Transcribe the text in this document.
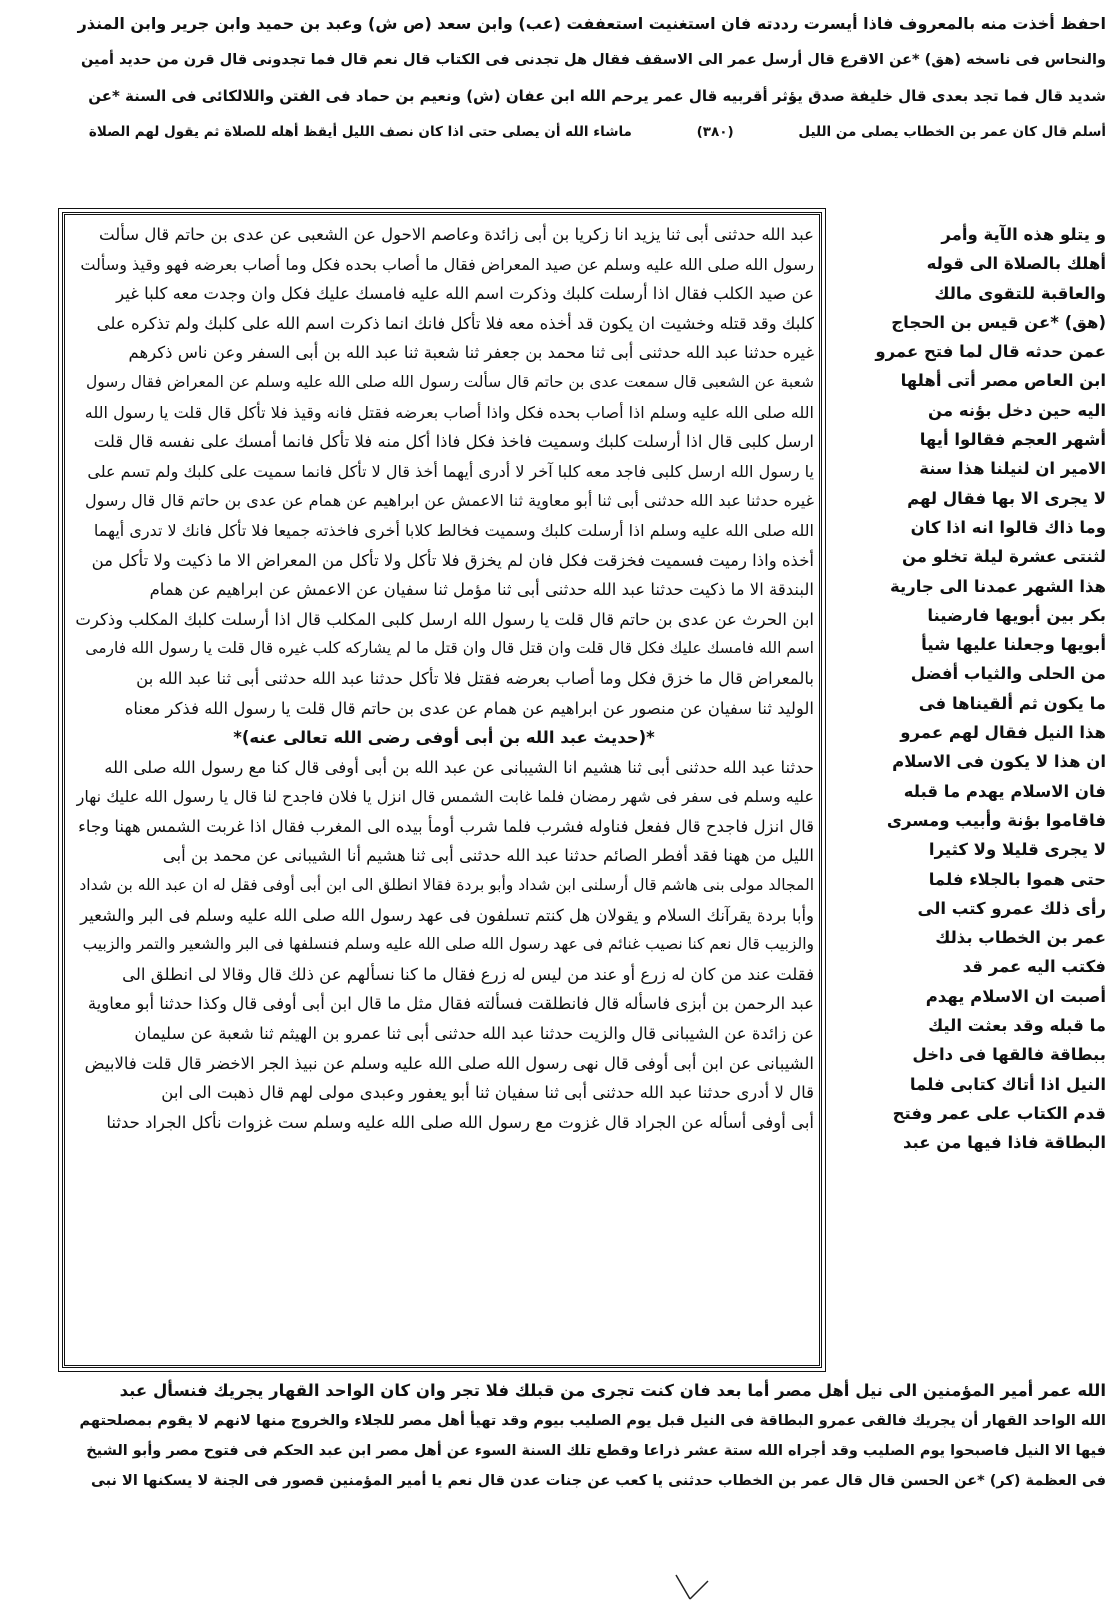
احفظ أخذت منه بالمعروف فاذا أيسرت رددته فان استغنيت استعففت (عب) وابن سعد (ص ش) وعبد بن حميد وابن جرير وابن المنذر
والنحاس فى ناسخه (هق) *عن الاقرع قال أرسل عمر الى الاسقف فقال هل تجدنى فى الكتاب قال نعم قال فما تجدونى قال قرن من حديد أمين
شديد قال فما تجد بعدى قال خليفة صدق يؤثر أقربيه قال عمر يرحم الله ابن عفان (ش) ونعيم بن حماد فى الفتن واللالكائى فى السنة *عن
أسلم قال كان عمر بن الخطاب يصلى من الليل (٣٨٠) ماشاء الله أن يصلى حتى اذا كان نصف الليل أيقظ أهله للصلاة ثم يقول لهم الصلاة
عبد الله حدثنى أبى ثنا يزيد انا زكريا بن أبى زائدة وعاصم الاحول عن الشعبى عن عدى بن حاتم قال سألت
رسول الله صلى الله عليه وسلم عن صيد المعراض فقال ما أصاب بحده فكل وما أصاب بعرضه فهو وقيذ وسألت
عن صيد الكلب فقال اذا أرسلت كلبك وذكرت اسم الله عليه فامسك عليك فكل وان وجدت معه كلبا غير
كلبك وقد قتله وخشيت ان يكون قد أخذه معه فلا تأكل فانك انما ذكرت اسم الله على كلبك ولم تذكره على
غيره حدثنا عبد الله حدثنى أبى ثنا محمد بن جعفر ثنا شعبة ثنا عبد الله بن أبى السفر وعن ناس ذكرهم
شعبة عن الشعبى قال سمعت عدى بن حاتم قال سألت رسول الله صلى الله عليه وسلم عن المعراض فقال رسول
الله صلى الله عليه وسلم اذا أصاب بحده فكل واذا أصاب بعرضه فقتل فانه وقيذ فلا تأكل قال قلت يا رسول الله
ارسل كلبى قال اذا أرسلت كلبك وسميت فاخذ فكل فاذا أكل منه فلا تأكل فانما أمسك على نفسه قال قلت
يا رسول الله ارسل كلبى فاجد معه كلبا آخر لا أدرى أيهما أخذ قال لا تأكل فانما سميت على كلبك ولم تسم على
غيره حدثنا عبد الله حدثنى أبى ثنا أبو معاوية ثنا الاعمش عن ابراهيم عن همام عن عدى بن حاتم قال قال رسول
الله صلى الله عليه وسلم اذا أرسلت كلبك وسميت فخالط كلابا أخرى فاخذته جميعا فلا تأكل فانك لا تدرى أيهما
أخذه واذا رميت فسميت فخزقت فكل فان لم يخزق فلا تأكل ولا تأكل من المعراض الا ما ذكيت ولا تأكل من
البندقة الا ما ذكيت حدثنا عبد الله حدثنى أبى ثنا مؤمل ثنا سفيان عن الاعمش عن ابراهيم عن همام
ابن الحرث عن عدى بن حاتم قال قلت يا رسول الله ارسل كلبى المكلب قال اذا أرسلت كلبك المكلب وذكرت
اسم الله فامسك عليك فكل قال قلت وان قتل قال وان قتل ما لم يشاركه كلب غيره قال قلت يا رسول الله فارمى
بالمعراض قال ما خزق فكل وما أصاب بعرضه فقتل فلا تأكل حدثنا عبد الله حدثنى أبى ثنا عبد الله بن
الوليد ثنا سفيان عن منصور عن ابراهيم عن همام عن عدى بن حاتم قال قلت يا رسول الله فذكر معناه
*(حديث عبد الله بن أبى أوفى رضى الله تعالى عنه)*
حدثنا عبد الله حدثنى أبى ثنا هشيم انا الشيبانى عن عبد الله بن أبى أوفى قال كنا مع رسول الله صلى الله
عليه وسلم فى سفر فى شهر رمضان فلما غابت الشمس قال انزل يا فلان فاجدح لنا قال يا رسول الله عليك نهار
قال انزل فاجدح قال ففعل فناوله فشرب فلما شرب أومأ بيده الى المغرب فقال اذا غربت الشمس ههنا وجاء
الليل من ههنا فقد أفطر الصائم حدثنا عبد الله حدثنى أبى ثنا هشيم أنا الشيبانى عن محمد بن أبى
المجالد مولى بنى هاشم قال أرسلنى ابن شداد وأبو بردة فقالا انطلق الى ابن أبى أوفى فقل له ان عبد الله بن شداد
وأبا بردة يقرآنك السلام و يقولان هل كنتم تسلفون فى عهد رسول الله صلى الله عليه وسلم فى البر والشعير
والزبيب قال نعم كنا نصيب غنائم فى عهد رسول الله صلى الله عليه وسلم فنسلفها فى البر والشعير والتمر والزبيب
فقلت عند من كان له زرع أو عند من ليس له زرع فقال ما كنا نسألهم عن ذلك قال وقالا لى انطلق الى
عبد الرحمن بن أبزى فاسأله قال فانطلقت فسألته فقال مثل ما قال ابن أبى أوفى قال وكذا حدثنا أبو معاوية
عن زائدة عن الشيبانى قال والزيت حدثنا عبد الله حدثنى أبى ثنا عمرو بن الهيثم ثنا شعبة عن سليمان
الشيبانى عن ابن أبى أوفى قال نهى رسول الله صلى الله عليه وسلم عن نبيذ الجر الاخضر قال قلت فالابيض
قال لا أدرى حدثنا عبد الله حدثنى أبى ثنا سفيان ثنا أبو يعفور وعبدى مولى لهم قال ذهبت الى ابن
أبى أوفى أسأله عن الجراد قال غزوت مع رسول الله صلى الله عليه وسلم ست غزوات نأكل الجراد حدثنا
و يتلو هذه الآية وأمر
أهلك بالصلاة الى قوله
والعاقبة للتقوى مالك
(هق) *عن قيس بن الحجاج
عمن حدثه قال لما فتح عمرو
ابن العاص مصر أتى أهلها
اليه حين دخل بؤنه من
أشهر العجم فقالوا أيها
الامير ان لنيلنا هذا سنة
لا يجرى الا بها فقال لهم
وما ذاك قالوا انه اذا كان
لثنتى عشرة ليلة تخلو من
هذا الشهر عمدنا الى جارية
بكر بين أبويها فارضينا
أبويها وجعلنا عليها شيأ
من الحلى والثياب أفضل
ما يكون ثم ألقيناها فى
هذا النيل فقال لهم عمرو
ان هذا لا يكون فى الاسلام
فان الاسلام يهدم ما قبله
فاقاموا بؤنة وأبيب ومسرى
لا يجرى قليلا ولا كثيرا
حتى هموا بالجلاء فلما
رأى ذلك عمرو كتب الى
عمر بن الخطاب بذلك
فكتب اليه عمر قد
أصبت ان الاسلام يهدم
ما قبله وقد بعثت اليك
ببطاقة فالقها فى داخل
النيل اذا أتاك كتابى فلما
قدم الكتاب على عمر وفتح
البطاقة فاذا فيها من عبد
الله عمر أمير المؤمنين الى نيل أهل مصر أما بعد فان كنت تجرى من قبلك فلا تجر وان كان الواحد القهار يجريك فنسأل عبد
الله الواحد القهار أن يجريك فالقى عمرو البطاقة فى النيل قبل يوم الصليب بيوم وقد تهيأ أهل مصر للجلاء والخروج منها لانهم لا يقوم بمصلحتهم
فيها الا النيل فاصبحوا يوم الصليب وقد أجراه الله ستة عشر ذراعا وقطع تلك السنة السوء عن أهل مصر ابن عبد الحكم فى فتوح مصر وأبو الشيخ
فى العظمة (كر) *عن الحسن قال قال عمر بن الخطاب حدثنى يا كعب عن جنات عدن قال نعم يا أمير المؤمنين قصور فى الجنة لا يسكنها الا نبى
